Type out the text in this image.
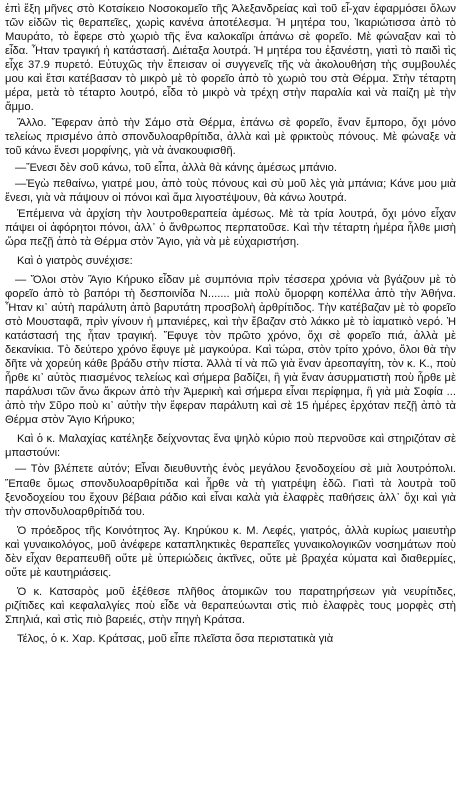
ἐπὶ ἕξη μῆνες στὸ Κοτσίκειο Νοσοκομεῖο τῆς Ἀλεξανδρείας καὶ τοῦ εἶ-χαν ἐφαρμόσει ὅλων τῶν εἰδῶν τὶς θεραπεῖες, χωρὶς κανένα ἀποτέλεσμα. Ἡ μητέρα του, Ἰκαριώτισσα ἀπὸ τὸ Μαυράτο, τὸ ἔφερε στὸ χωριὸ τῆς ἕνα καλοκαῖρι ἁπάνω σὲ φορεῖο. Μὲ φώναξαν καὶ τὸ εἶδα. Ἦταν τραγική ἡ κατάστασή. Διέταξα λουτρά. Ἡ μητέρα του ἐξανέστη, γιατὶ τὸ παιδὶ τὶς εἶχε 37.9 πυρετό. Εὐτυχῶς τὴν ἔπεισαν οἱ συγγενεῖς τῆς νὰ ἀκολουθήση τὴς συμβουλές μου καὶ ἔτσι κατέβασαν τὸ μικρὸ μὲ τὸ φορεῖο ἀπὸ τὸ χωριὸ του στὰ Θέρμα. Στὴν τέταρτη μέρα, μετὰ τὸ τέταρτο λουτρό, εἶδα τὸ μικρὸ νὰ τρέχη στὴν παραλία καὶ νὰ παίζη μὲ τὴν ἄμμο.

Ἄλλο. Ἔφεραν ἀπὸ τὴν Σάμο στὰ Θέρμα, ἐπάνω σὲ φορεῖο, ἕναν ἔμπορο, ὄχι μόνο τελείως πρισμένο ἀπὸ σπονδυλοαρθρίτιδα, ἀλλὰ καὶ μὲ φρικτοὺς πόνους. Μὲ φώναξε νὰ τοῦ κάνω ἔνεσι μορφίνης, γιὰ νὰ ἀνακουφισθῆ.

—Ἔνεσι δὲν σοῦ κάνω, τοῦ εἶπα, ἀλλὰ θὰ κάνης ἀμέσως μπάνιο.

—Ἐγὼ πεθαίνω, γιατρέ μου, ἀπὸ τοὺς πόνους καὶ σὺ μοῦ λὲς γιὰ μπάνια; Κάνε μου μιὰ ἔνεσι, γιὰ νὰ πάψουν οἱ πόνοι καὶ ἅμα λιγοστέψουν, θὰ κάνω λουτρά.

Ἐπέμεινα νὰ ἀρχίση τὴν λουτροθεραπεία ἀμέσως. Μὲ τὰ τρία λουτρά, ὄχι μόνο εἶχαν πάψει οἱ ἀφόρητοι πόνοι, ἀλλ᾽ ὁ ἄνθρωπος περπατοῦσε. Καὶ τὴν τέταρτη ἡμέρα ἦλθε μισὴ ὥρα πεζῇ ἀπὸ τὰ Θέρμα στὸν Ἅγιο, γιὰ νὰ μὲ εὐχαριστήση.

Καὶ ὁ γιατρὸς συνέχισε:

— Ὅλοι στὸν Ἅγιο Κήρυκο εἶδαν μὲ συμπόνια πρὶν τέσσερα χρόνια νὰ βγάζουν μὲ τὸ φορεῖο ἀπὸ τὸ βαπόρι τὴ δεσποινίδα Ν....... μιὰ πολὺ ὄμορφη κοπέλλα ἀπὸ τὴν Ἀθήνα. Ἦταν κι᾽ αὐτὴ παράλυτη ἀπὸ βαρυτάτη προσβολὴ ἀρθρίτιδος. Τὴν κατέβαζαν μὲ τὸ φορεῖο στὸ Μουσταφᾶ, πρὶν γίνουν ἡ μπανιέρες, καὶ τὴν ἔβαζαν στὸ λάκκο μὲ τὸ ἰαματικὸ νερό. Ἡ κατάστασή της ἦταν τραγική. Ἔφυγε τὸν πρῶτο χρόνο, ὄχι σὲ φορεῖο πιά, ἀλλὰ μὲ δεκανίκια. Τὸ δεύτερο χρόνο ἔφυγε μὲ μαγκούρα. Καὶ τώρα, στὸν τρίτο χρόνο, ὅλοι θὰ τὴν δῆτε νὰ χορεύη κάθε βράδυ στὴν πίστα. Ἀλλὰ τί νὰ πῶ γιὰ ἕναν ἀρεοπαγίτη, τὸν κ. Κ., ποὺ ἦρθε κι᾽ αὐτὸς πιασμένος τελείως καὶ σήμερα βαδίζει, ἢ γιὰ ἕναν ἀσυρματιστὴ ποὺ ἦρθε μὲ παράλυσι τῶν ἄνω ἄκρων ἀπὸ τὴν Ἀμερικὴ καὶ σήμερα εἶναι περίφημα, ἢ γιὰ μιὰ Σοφία ... ἀπὸ τὴν Σῦρο ποὺ κι᾽ αὐτὴν τὴν ἔφεραν παράλυτη καὶ σὲ 15 ἡμέρες ἐρχόταν πεζῇ ἀπὸ τὰ Θέρμα στὸν Ἅγιο Κήρυκο;

Καὶ ὁ κ. Μαλαχίας κατέληξε δείχνοντας ἕνα ψηλὸ κύριο ποὺ περνοῦσε καὶ στηριζόταν σὲ μπαστούνι:

— Τὸν βλέπετε αὐτόν; Εἶναι διευθυντὴς ἑνὸς μεγάλου ξενοδοχείου σὲ μιὰ λουτρόπολι. Ἔπαθε ὅμως σπονδυλοαρθρίτιδα καὶ ἦρθε νὰ τὴ γιατρέψη ἐδῶ. Γιατὶ τὰ λουτρὰ τοῦ ξενοδοχείου του ἔχουν βέβαια ράδιο καὶ εἶναι καλὰ γιὰ ἐλαφρὲς παθήσεις ἀλλ᾽ ὄχι καὶ γιὰ τὴν σπονδυλοαρθρίτιδά του.

Ὁ πρόεδρος τῆς Κοινότητος Ἁγ. Κηρύκου κ. Μ. Λεφές, γιατρός, ἀλλὰ κυρίως μαιευτὴρ καὶ γυναικολόγος, μοῦ ἀνέφερε καταπληκτικὲς θεραπεῖες γυναικολογικῶν νοσημάτων ποὺ δὲν εἶχαν θεραπευθῆ οὔτε μὲ ὑπεριώδεις ἀκτῖνες, οὔτε μὲ βραχέα κύματα καὶ διαθερμίες, οὔτε μὲ καυτηριάσεις.

Ὁ κ. Κατσαρὸς μοῦ ἐξέθεσε πλῆθος ἀτομικῶν του παρατηρήσεων γιὰ νευρίτιδες, ριζίτιδες καὶ κεφαλαλγίες ποὺ εἶδε νὰ θεραπεύωνται στὶς πιὸ ἐλαφρὲς τους μορφὲς στὴ Σπηλιά, καὶ στὶς πιὸ βαρειές, στὴν πηγὴ Κράτσα.

Τέλος, ὁ κ. Χαρ. Κράτσας, μοῦ εἶπε πλεῖστα ὅσα περιστατικὰ γιὰ
